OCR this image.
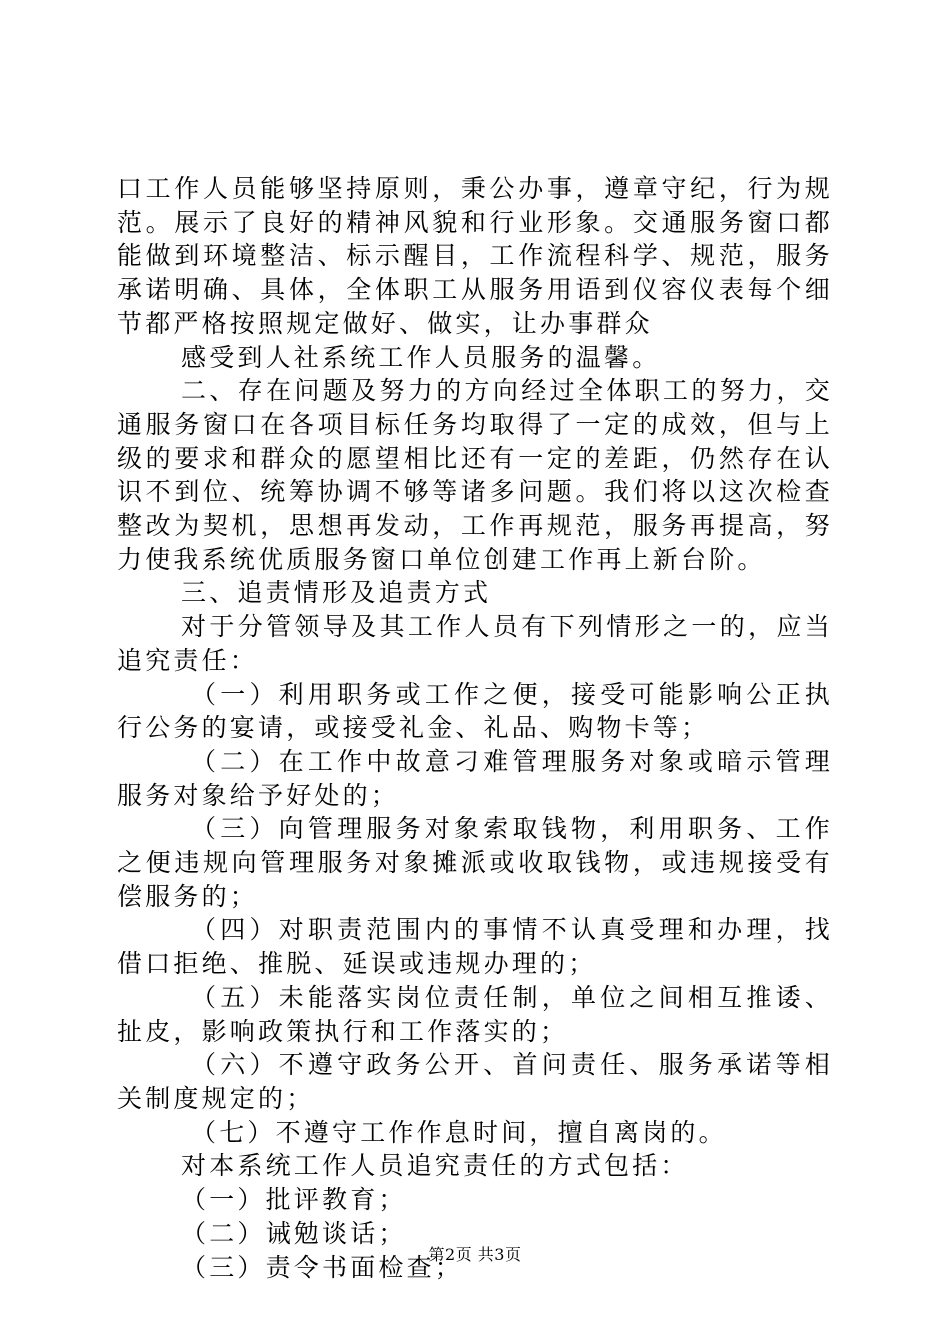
口工作人员能够坚持原则，秉公办事，遵章守纪，行为规范。展示了良好的精神风貌和行业形象。交通服务窗口都能做到环境整洁、标示醒目，工作流程科学、规范，服务承诺明确、具体，全体职工从服务用语到仪容仪表每个细节都严格按照规定做好、做实，让办事群众

感受到人社系统工作人员服务的温馨。

二、存在问题及努力的方向经过全体职工的努力，交通服务窗口在各项目标任务均取得了一定的成效，但与上级的要求和群众的愿望相比还有一定的差距，仍然存在认识不到位、统筹协调不够等诸多问题。我们将以这次检查整改为契机，思想再发动，工作再规范，服务再提高，努力使我系统优质服务窗口单位创建工作再上新台阶。

三、追责情形及追责方式

对于分管领导及其工作人员有下列情形之一的，应当追究责任：

（一）利用职务或工作之便，接受可能影响公正执行公务的宴请，或接受礼金、礼品、购物卡等；

（二）在工作中故意刁难管理服务对象或暗示管理服务对象给予好处的；

（三）向管理服务对象索取钱物，利用职务、工作之便违规向管理服务对象摊派或收取钱物，或违规接受有偿服务的；

（四）对职责范围内的事情不认真受理和办理，找借口拒绝、推脱、延误或违规办理的；

（五）未能落实岗位责任制，单位之间相互推诿、扯皮，影响政策执行和工作落实的；

（六）不遵守政务公开、首问责任、服务承诺等相关制度规定的；

（七）不遵守工作作息时间，擅自离岗的。

对本系统工作人员追究责任的方式包括：

（一）批评教育；

（二）诫勉谈话；

（三）责令书面检查；

第2页 共3页
